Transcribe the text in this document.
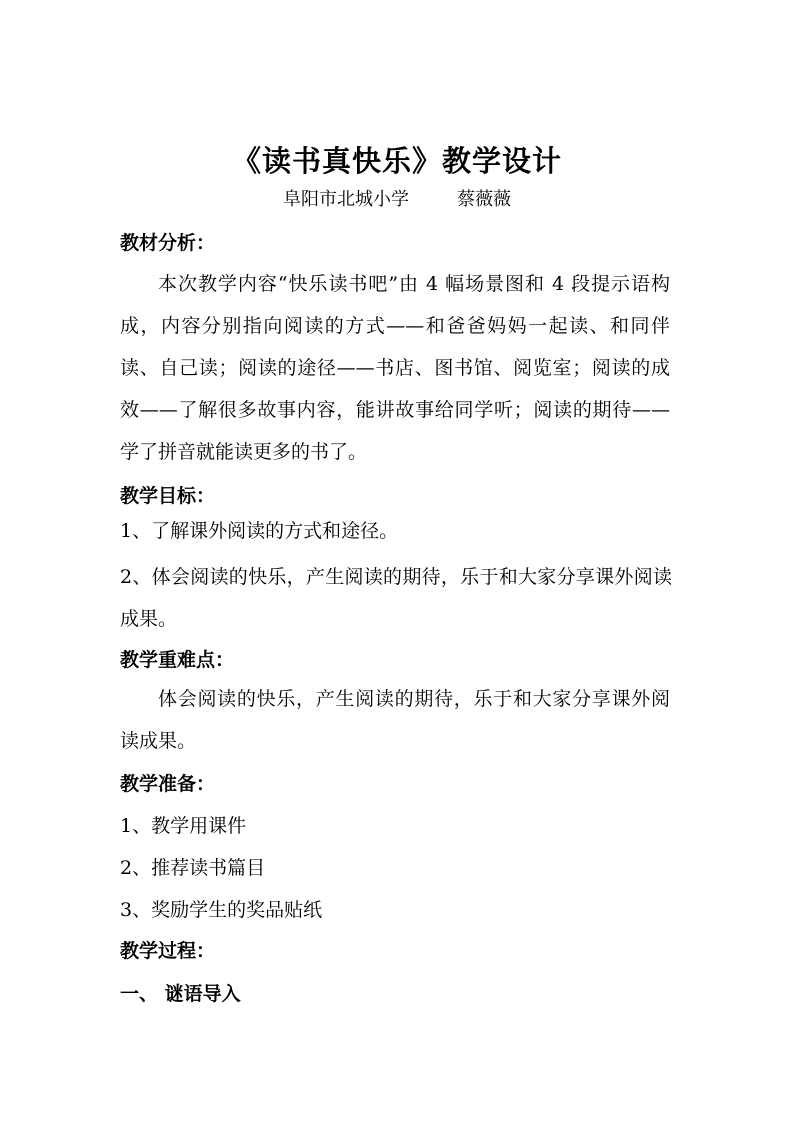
《读书真快乐》教学设计
阜阳市北城小学	蔡薇薇
教材分析：

本次教学内容“快乐读书吧”由 4 幅场景图和 4 段提示语构成，内容分别指向阅读的方式——和爸爸妈妈一起读、和同伴读、自己读；阅读的途径——书店、图书馆、阅览室；阅读的成效——了解很多故事内容，能讲故事给同学听；阅读的期待——学了拼音就能读更多的书了。

教学目标：

1、了解课外阅读的方式和途径。

2、体会阅读的快乐，产生阅读的期待，乐于和大家分享课外阅读成果。

教学重难点：

体会阅读的快乐，产生阅读的期待，乐于和大家分享课外阅读成果。

教学准备：

1、教学用课件

2、推荐读书篇目

3、奖励学生的奖品贴纸

教学过程：
一、 谜语导入
